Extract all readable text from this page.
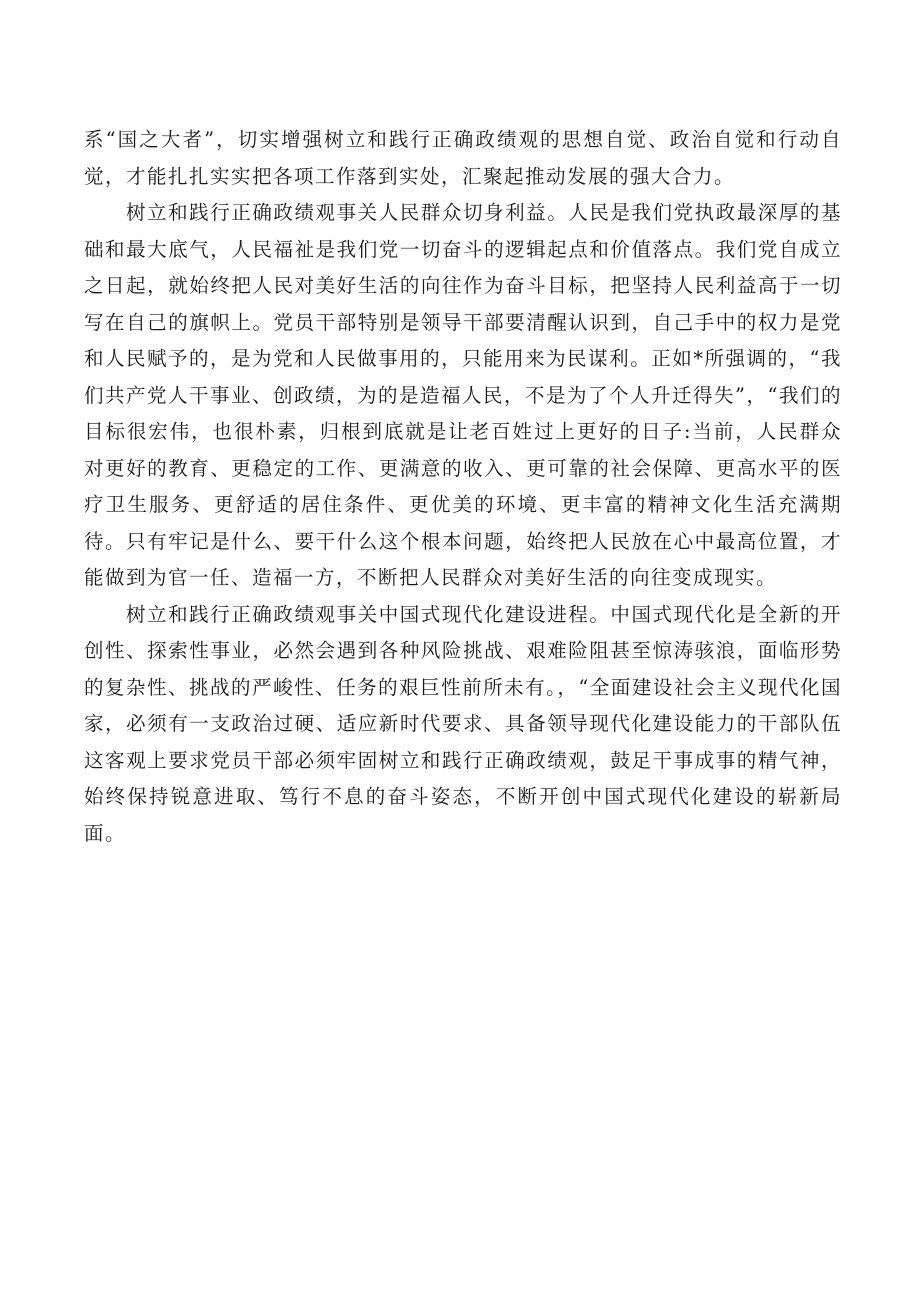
系“国之大者”，切实增强树立和践行正确政绩观的思想自觉、政治自觉和行动自觉，才能扎扎实实把各项工作落到实处，汇聚起推动发展的强大合力。

树立和践行正确政绩观事关人民群众切身利益。人民是我们党执政最深厚的基础和最大底气，人民福祉是我们党一切奋斗的逻辑起点和价值落点。我们党自成立之日起，就始终把人民对美好生活的向往作为奋斗目标，把坚持人民利益高于一切写在自己的旗帜上。党员干部特别是领导干部要清醒认识到，自己手中的权力是党和人民赋予的，是为党和人民做事用的，只能用来为民谋利。正如*所强调的，“我们共产党人干事业、创政绩，为的是造福人民，不是为了个人升迁得失”，“我们的目标很宏伟，也很朴素，归根到底就是让老百姓过上更好的日子:当前，人民群众对更好的教育、更稳定的工作、更满意的收入、更可靠的社会保障、更高水平的医疗卫生服务、更舒适的居住条件、更优美的环境、更丰富的精神文化生活充满期待。只有牢记是什么、要干什么这个根本问题，始终把人民放在心中最高位置，才能做到为官一任、造福一方，不断把人民群众对美好生活的向往变成现实。

树立和践行正确政绩观事关中国式现代化建设进程。中国式现代化是全新的开创性、探索性事业，必然会遇到各种风险挑战、艰难险阻甚至惊涛骇浪，面临形势的复杂性、挑战的严峻性、任务的艰巨性前所未有。，“全面建设社会主义现代化国家，必须有一支政治过硬、适应新时代要求、具备领导现代化建设能力的干部队伍这客观上要求党员干部必须牢固树立和践行正确政绩观，鼓足干事成事的精气神，始终保持锐意进取、笃行不息的奋斗姿态，不断开创中国式现代化建设的崭新局面。
